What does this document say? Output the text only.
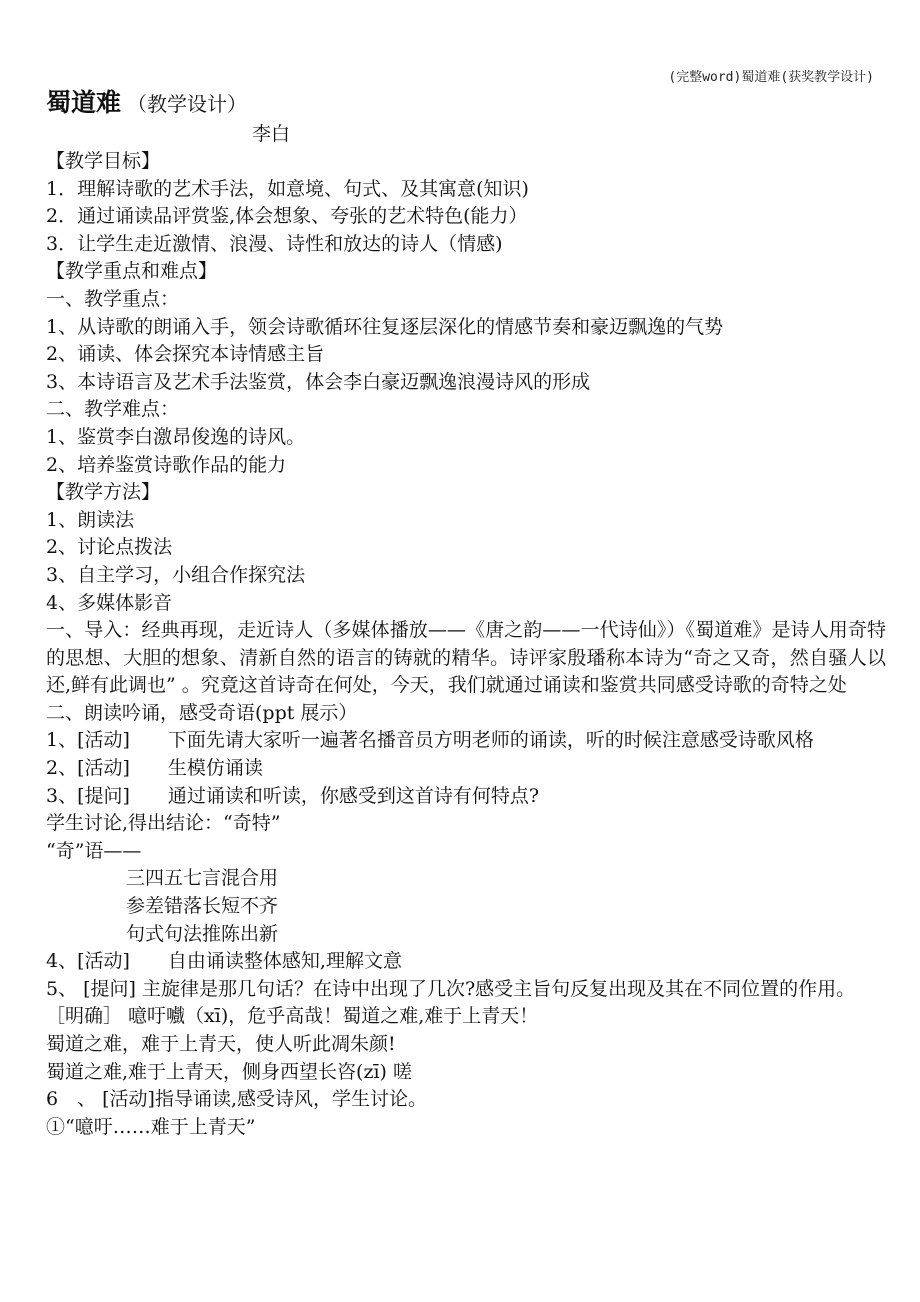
(完整word)蜀道难(获奖教学设计)
蜀道难 （教学设计）
李白
【教学目标】
1．理解诗歌的艺术手法，如意境、句式、及其寓意(知识)
2．通过诵读品评赏鉴,体会想象、夸张的艺术特色(能力）
3．让学生走近激情、浪漫、诗性和放达的诗人（情感)
【教学重点和难点】
一、教学重点：
1、从诗歌的朗诵入手，领会诗歌循环往复逐层深化的情感节奏和豪迈飘逸的气势
2、诵读、体会探究本诗情感主旨
3、本诗语言及艺术手法鉴赏，体会李白豪迈飘逸浪漫诗风的形成
二、教学难点：
1、鉴赏李白激昂俊逸的诗风。
2、培养鉴赏诗歌作品的能力
【教学方法】
1、朗读法
2、讨论点拨法
3、自主学习，小组合作探究法
4、多媒体影音
一、导入：经典再现，走近诗人（多媒体播放——《唐之韵——一代诗仙》）《蜀道难》是诗人用奇特的思想、大胆的想象、清新自然的语言的铸就的精华。诗评家殷璠称本诗为“奇之又奇，然自骚人以还,鲜有此调也” 。究竟这首诗奇在何处，今天，我们就通过诵读和鉴赏共同感受诗歌的奇特之处
二、朗读吟诵，感受奇语(ppt 展示）
1、[活动]　　下面先请大家听一遍著名播音员方明老师的诵读，听的时候注意感受诗歌风格
2、[活动]　　生模仿诵读
3、[提问]　　通过诵读和听读，你感受到这首诗有何特点?
学生讨论,得出结论：“奇特”
“奇”语——
三四五七言混合用
参差错落长短不齐
句式句法推陈出新
4、[活动]　　自由诵读整体感知,理解文意
5、 [提问] 主旋律是那几句话？在诗中出现了几次?感受主旨句反复出现及其在不同位置的作用。
［明确］ 噫吁嚱（xī)，危乎高哉！蜀道之难,难于上青天！
蜀道之难，难于上青天，使人听此凋朱颜!
蜀道之难,难于上青天，侧身西望长咨(zī) 嗟
6　、 [活动]指导诵读,感受诗风，学生讨论。
①“噫吁……难于上青天”
